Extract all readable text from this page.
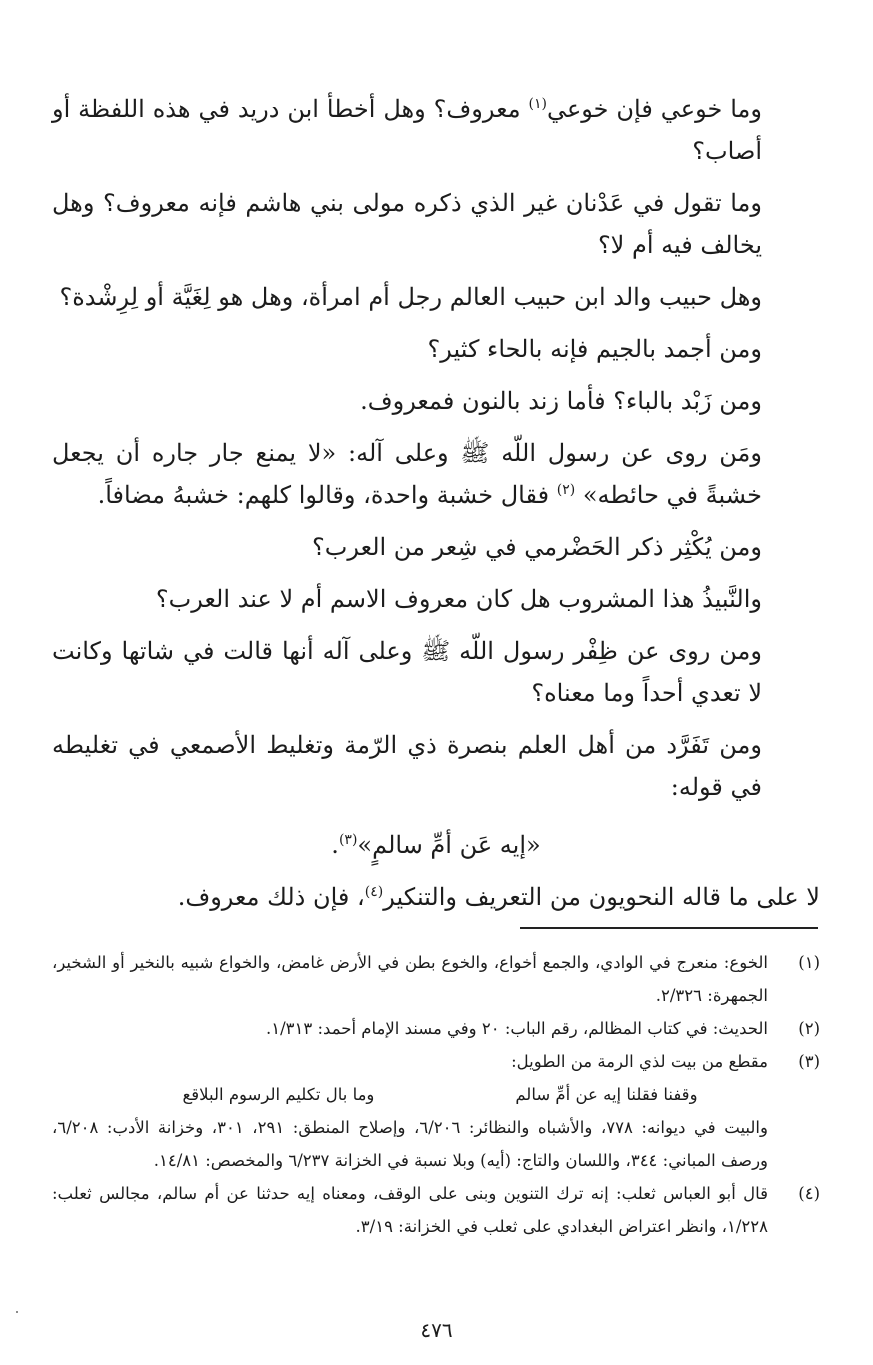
وما خوعي فإن خوعي$^{(١)}$ معروف؟ وهل أخطأ ابن دريد في هذه اللفظة أو أصاب؟

وما تقول في عَدْنان غير الذي ذكره مولى بني هاشم فإنه معروف؟ وهل يخالف فيه أم لا؟

وهل حبيب والد ابن حبيب العالم رجل أم امرأة، وهل هو لِغَيَّة أو لِرِشْدة؟

ومن أجمد بالجيم فإنه بالحاء كثير؟

ومن زَبْد بالباء؟ فأما زند بالنون فمعروف.

ومَن روى عن رسول اللّه ﷺ وعلى آله: «لا يمنع جار جاره أن يجعل خشبةً في حائطه» $^{(٢)}$ فقال خشبة واحدة، وقالوا كلهم: خشبهُ مضافاً.

ومن يُكْثِر ذكر الحَضْرمي في شِعر من العرب؟

والنَّبيذُ هذا المشروب هل كان معروف الاسم أم لا عند العرب؟

ومن روى عن ظِفْر رسول اللّه ﷺ وعلى آله أنها قالت في شاتها وكانت لا تعدي أحداً وما معناه؟

ومن تَفَرَّد من أهل العلم بنصرة ذي الرّمة وتغليط الأصمعي في تغليطه في قوله:

«إيه عَن أمِّ سالمٍ»$^{(٣)}$.

لا على ما قاله النحويون من التعريف والتنكير$^{(٤)}$، فإن ذلك معروف.

(١)

الخوع: منعرج في الوادي، والجمع أخواع، والخوع بطن في الأرض غامض، والخواع شبيه بالنخير أو الشخير، الجمهرة: ٢/٣٢٦.

(٢)

الحديث: في كتاب المظالم، رقم الباب: ٢٠ وفي مسند الإمام أحمد: ١/٣١٣.

(٣)

مقطع من بيت لذي الرمة من الطويل:

وقفنا فقلنا إيه عن أمِّ سالم
وما بال تكليم الرسوم البلاقع

والبيت في ديوانه: ٧٧٨، والأشباه والنظائر: ٦/٢٠٦، وإصلاح المنطق: ٢٩١، ٣٠١، وخزانة الأدب: ٦/٢٠٨، ورصف المباني: ٣٤٤، واللسان والتاج: (أيه) وبلا نسبة في الخزانة ٦/٢٣٧ والمخصص: ١٤/٨١.

(٤)

قال أبو العباس ثعلب: إنه ترك التنوين وبنى على الوقف، ومعناه إيه حدثنا عن أم سالم، مجالس ثعلب: ١/٢٢٨، وانظر اعتراض البغدادي على ثعلب في الخزانة: ٣/١٩.

٤٧٦
